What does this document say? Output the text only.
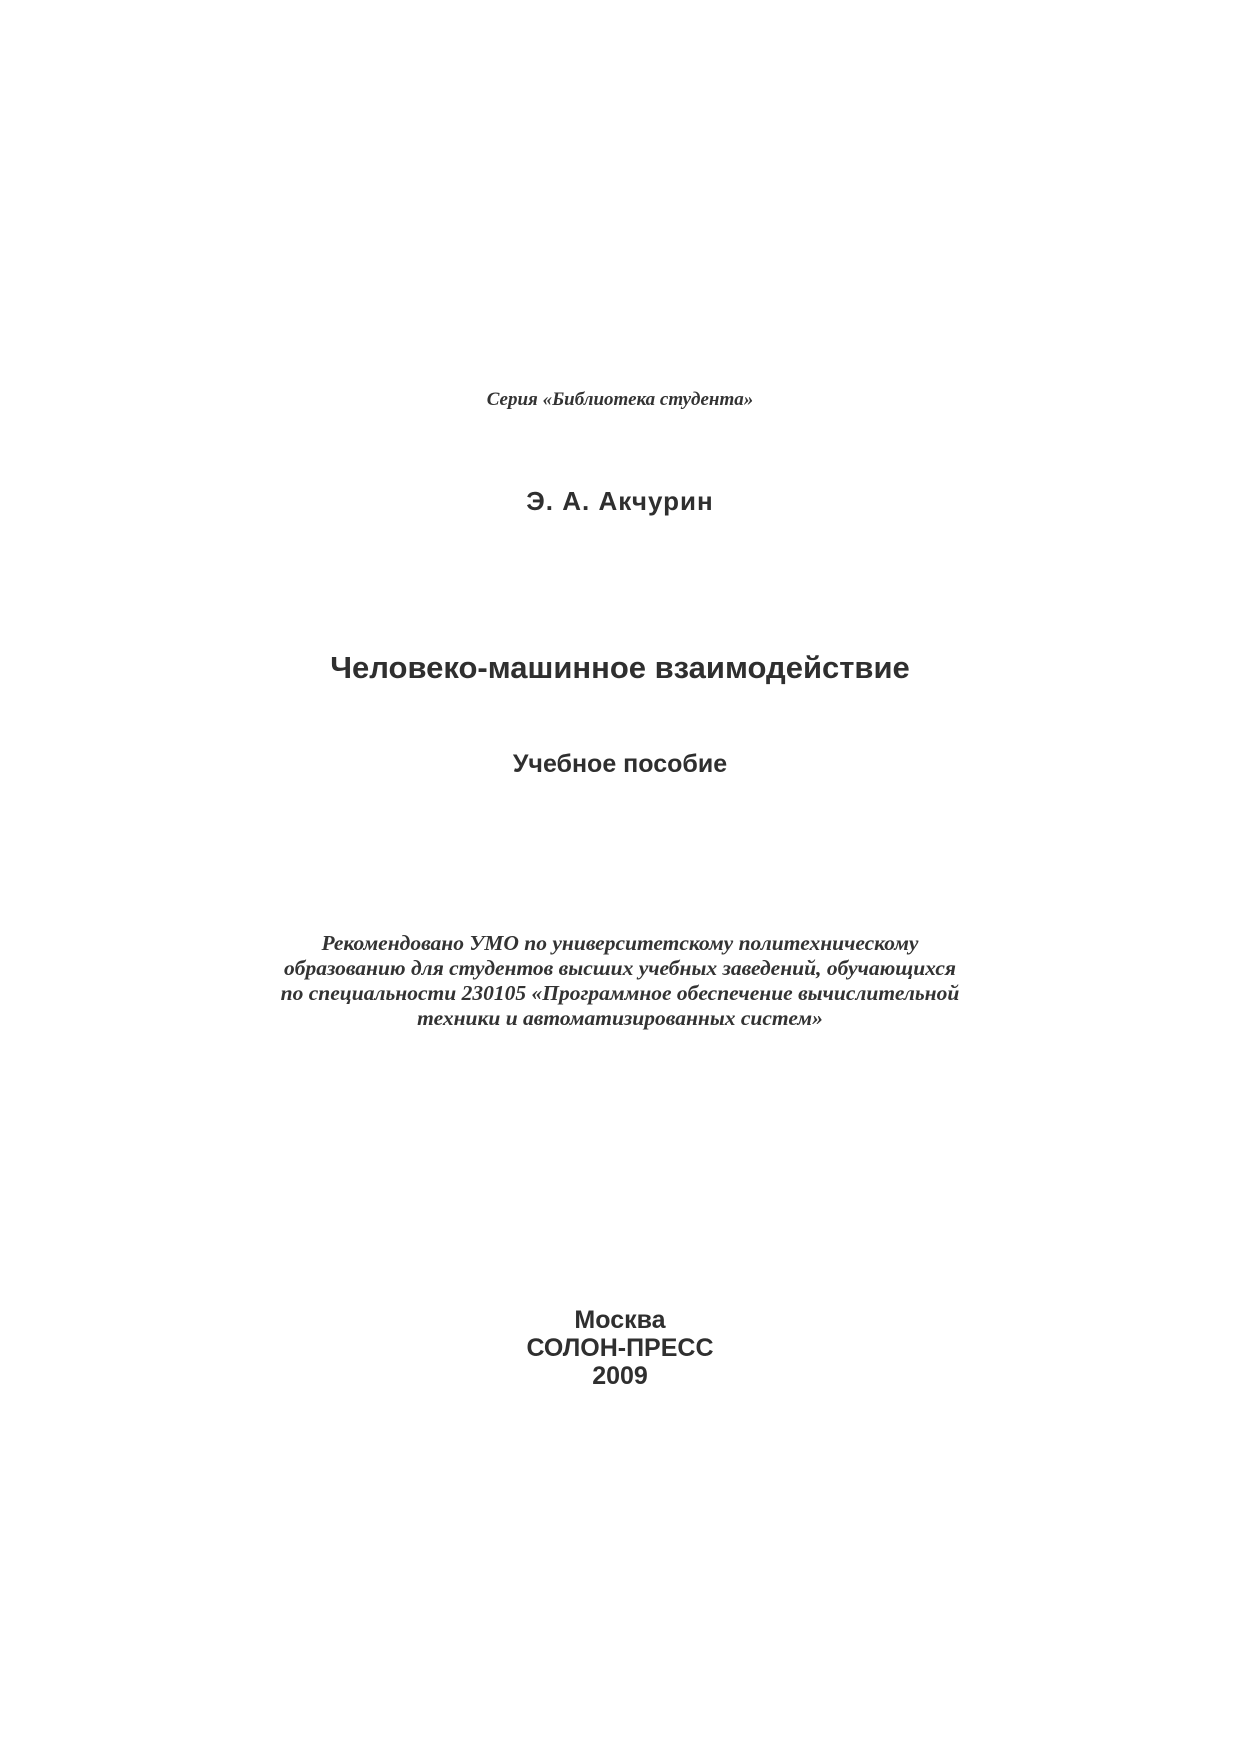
Серия «Библиотека студента»
Э. А. Акчурин
Человеко-машинное взаимодействие
Учебное пособие
Рекомендовано УМО по университетскому политехническому
образованию для студентов высших учебных заведений, обучающихся
по специальности 230105 «Программное обеспечение вычислительной
техники и автоматизированных систем»
Москва
СОЛОН-ПРЕСС
2009
